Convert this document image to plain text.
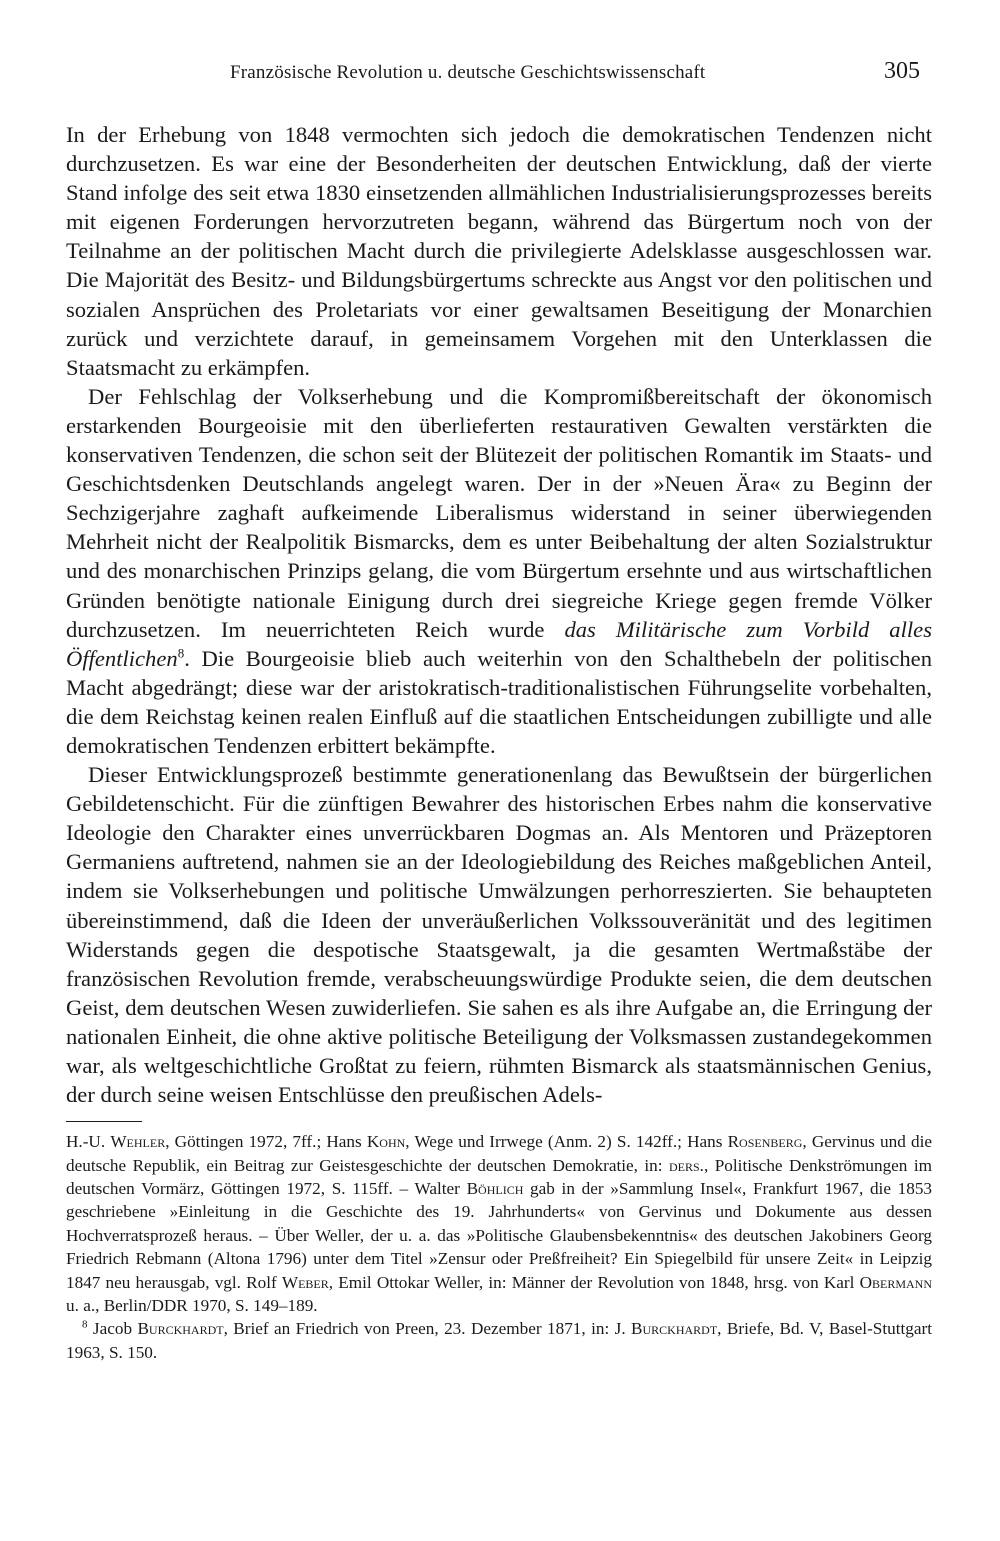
Französische Revolution u. deutsche Geschichtswissenschaft	305

In der Erhebung von 1848 vermochten sich jedoch die demokratischen Tendenzen nicht durchzusetzen. Es war eine der Besonderheiten der deutschen Entwicklung, daß der vierte Stand infolge des seit etwa 1830 einsetzenden allmählichen Industrialisierungsprozesses bereits mit eigenen Forderungen hervorzutreten begann, während das Bürgertum noch von der Teilnahme an der politischen Macht durch die privilegierte Adelsklasse ausgeschlossen war. Die Majorität des Besitz- und Bildungsbürgertums schreckte aus Angst vor den politischen und sozialen Ansprüchen des Proletariats vor einer gewaltsamen Beseitigung der Monarchien zurück und verzichtete darauf, in gemeinsamem Vorgehen mit den Unterklassen die Staatsmacht zu erkämpfen.

Der Fehlschlag der Volkserhebung und die Kompromißbereitschaft der ökonomisch erstarkenden Bourgeoisie mit den überlieferten restaurativen Gewalten verstärkten die konservativen Tendenzen, die schon seit der Blütezeit der politischen Romantik im Staats- und Geschichtsdenken Deutschlands angelegt waren. Der in der »Neuen Ära« zu Beginn der Sechzigerjahre zaghaft aufkeimende Liberalismus widerstand in seiner überwiegenden Mehrheit nicht der Realpolitik Bismarcks, dem es unter Beibehaltung der alten Sozialstruktur und des monarchischen Prinzips gelang, die vom Bürgertum ersehnte und aus wirtschaftlichen Gründen benötigte nationale Einigung durch drei siegreiche Kriege gegen fremde Völker durchzusetzen. Im neuerrichteten Reich wurde das Militärische zum Vorbild alles Öffentlichen$^8$. Die Bourgeoisie blieb auch weiterhin von den Schalthebeln der politischen Macht abgedrängt; diese war der aristokratisch-traditionalistischen Führungselite vorbehalten, die dem Reichstag keinen realen Einfluß auf die staatlichen Entscheidungen zubilligte und alle demokratischen Tendenzen erbittert bekämpfte.

Dieser Entwicklungsprozeß bestimmte generationenlang das Bewußtsein der bürgerlichen Gebildetenschicht. Für die zünftigen Bewahrer des historischen Erbes nahm die konservative Ideologie den Charakter eines unverrückbaren Dogmas an. Als Mentoren und Präzeptoren Germaniens auftretend, nahmen sie an der Ideologiebildung des Reiches maßgeblichen Anteil, indem sie Volkserhebungen und politische Umwälzungen perhorreszierten. Sie behaupteten übereinstimmend, daß die Ideen der unveräußerlichen Volkssouveränität und des legitimen Widerstands gegen die despotische Staatsgewalt, ja die gesamten Wertmaßstäbe der französischen Revolution fremde, verabscheuungswürdige Produkte seien, die dem deutschen Geist, dem deutschen Wesen zuwiderliefen. Sie sahen es als ihre Aufgabe an, die Erringung der nationalen Einheit, die ohne aktive politische Beteiligung der Volksmassen zustandegekommen war, als weltgeschichtliche Großtat zu feiern, rühmten Bismarck als staatsmännischen Genius, der durch seine weisen Entschlüsse den preußischen Adels-

H.-U. Wehler, Göttingen 1972, 7ff.; Hans Kohn, Wege und Irrwege (Anm. 2) S. 142ff.; Hans Rosenberg, Gervinus und die deutsche Republik, ein Beitrag zur Geistesgeschichte der deutschen Demokratie, in: ders., Politische Denkströmungen im deutschen Vormärz, Göttingen 1972, S. 115ff. – Walter Böhlich gab in der »Sammlung Insel«, Frankfurt 1967, die 1853 geschriebene »Einleitung in die Geschichte des 19. Jahrhunderts« von Gervinus und Dokumente aus dessen Hochverratsprozeß heraus. – Über Weller, der u. a. das »Politische Glaubensbekenntnis« des deutschen Jakobiners Georg Friedrich Rebmann (Altona 1796) unter dem Titel »Zensur oder Preßfreiheit? Ein Spiegelbild für unsere Zeit« in Leipzig 1847 neu herausgab, vgl. Rolf Weber, Emil Ottokar Weller, in: Männer der Revolution von 1848, hrsg. von Karl Obermann u. a., Berlin/DDR 1970, S. 149–189.

$^8$ Jacob Burckhardt, Brief an Friedrich von Preen, 23. Dezember 1871, in: J. Burckhardt, Briefe, Bd. V, Basel-Stuttgart 1963, S. 150.
